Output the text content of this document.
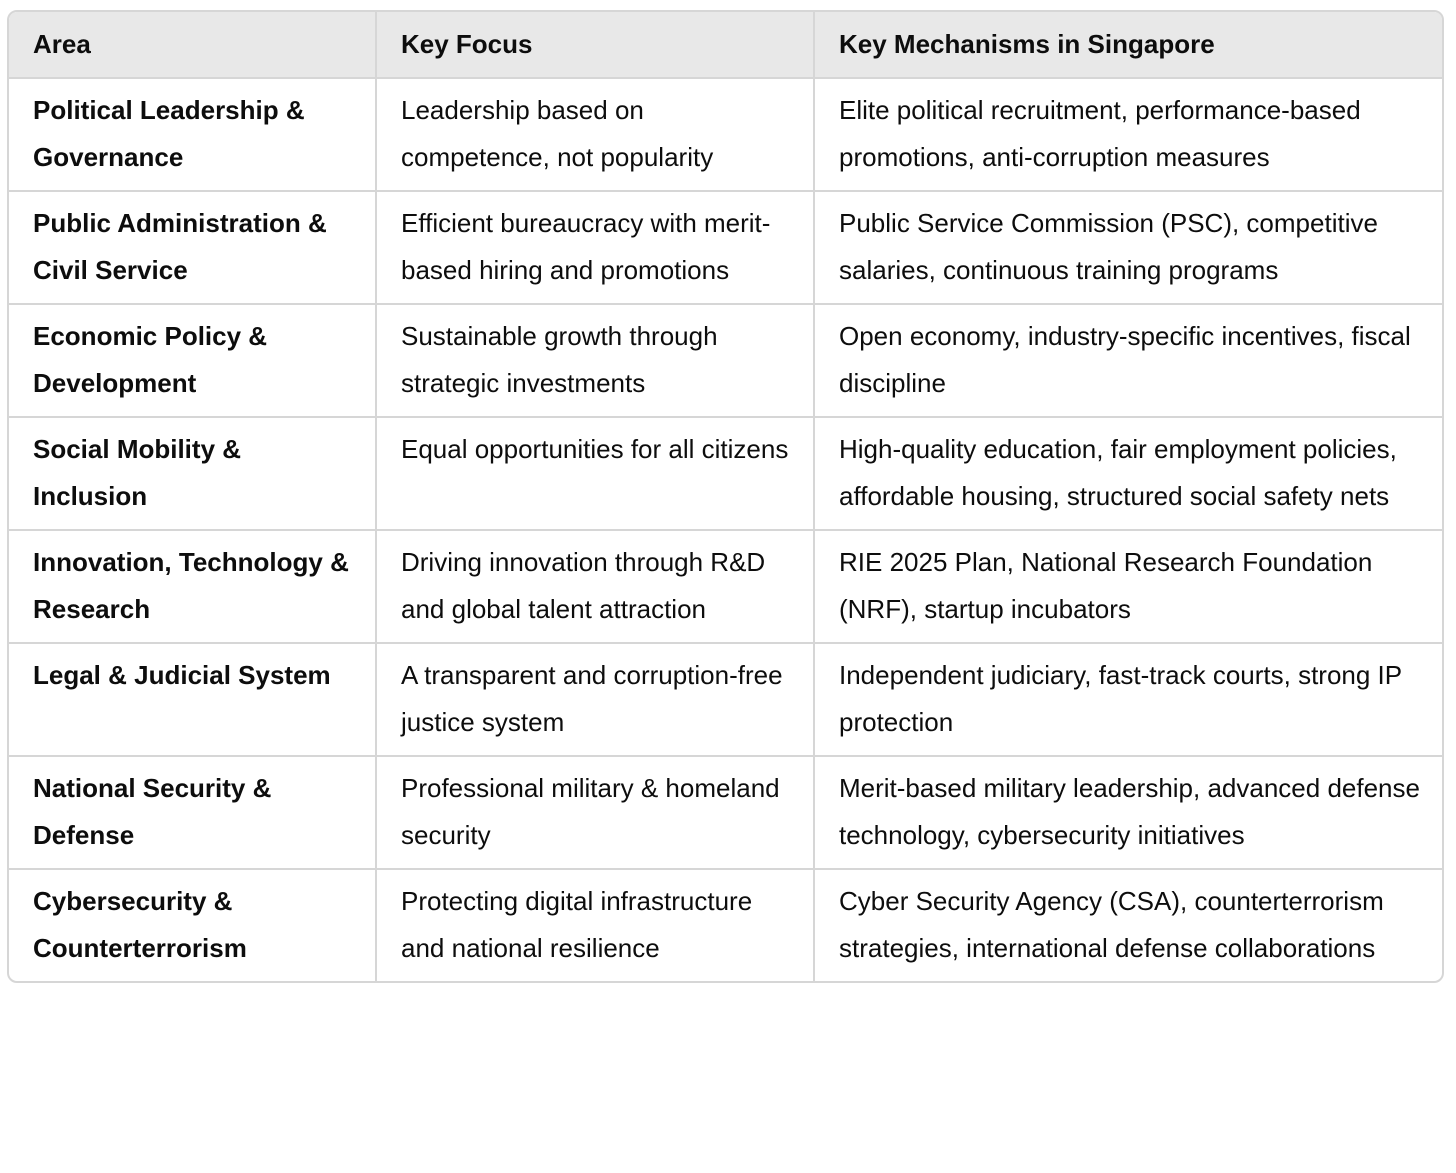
Area	Key Focus	Key Mechanisms in Singapore
Political Leadership & Governance	Leadership based on competence, not popularity	Elite political recruitment, performance-based promotions, anti-corruption measures
Public Administration & Civil Service	Efficient bureaucracy with merit-based hiring and promotions	Public Service Commission (PSC), competitive salaries, continuous training programs
Economic Policy & Development	Sustainable growth through strategic investments	Open economy, industry-specific incentives, fiscal discipline
Social Mobility & Inclusion	Equal opportunities for all citizens	High-quality education, fair employment policies, affordable housing, structured social safety nets
Innovation, Technology & Research	Driving innovation through R&D and global talent attraction	RIE 2025 Plan, National Research Foundation (NRF), startup incubators
Legal & Judicial System	A transparent and corruption-free justice system	Independent judiciary, fast-track courts, strong IP protection
National Security & Defense	Professional military & homeland security	Merit-based military leadership, advanced defense technology, cybersecurity initiatives
Cybersecurity & Counterterrorism	Protecting digital infrastructure and national resilience	Cyber Security Agency (CSA), counterterrorism strategies, international defense collaborations
